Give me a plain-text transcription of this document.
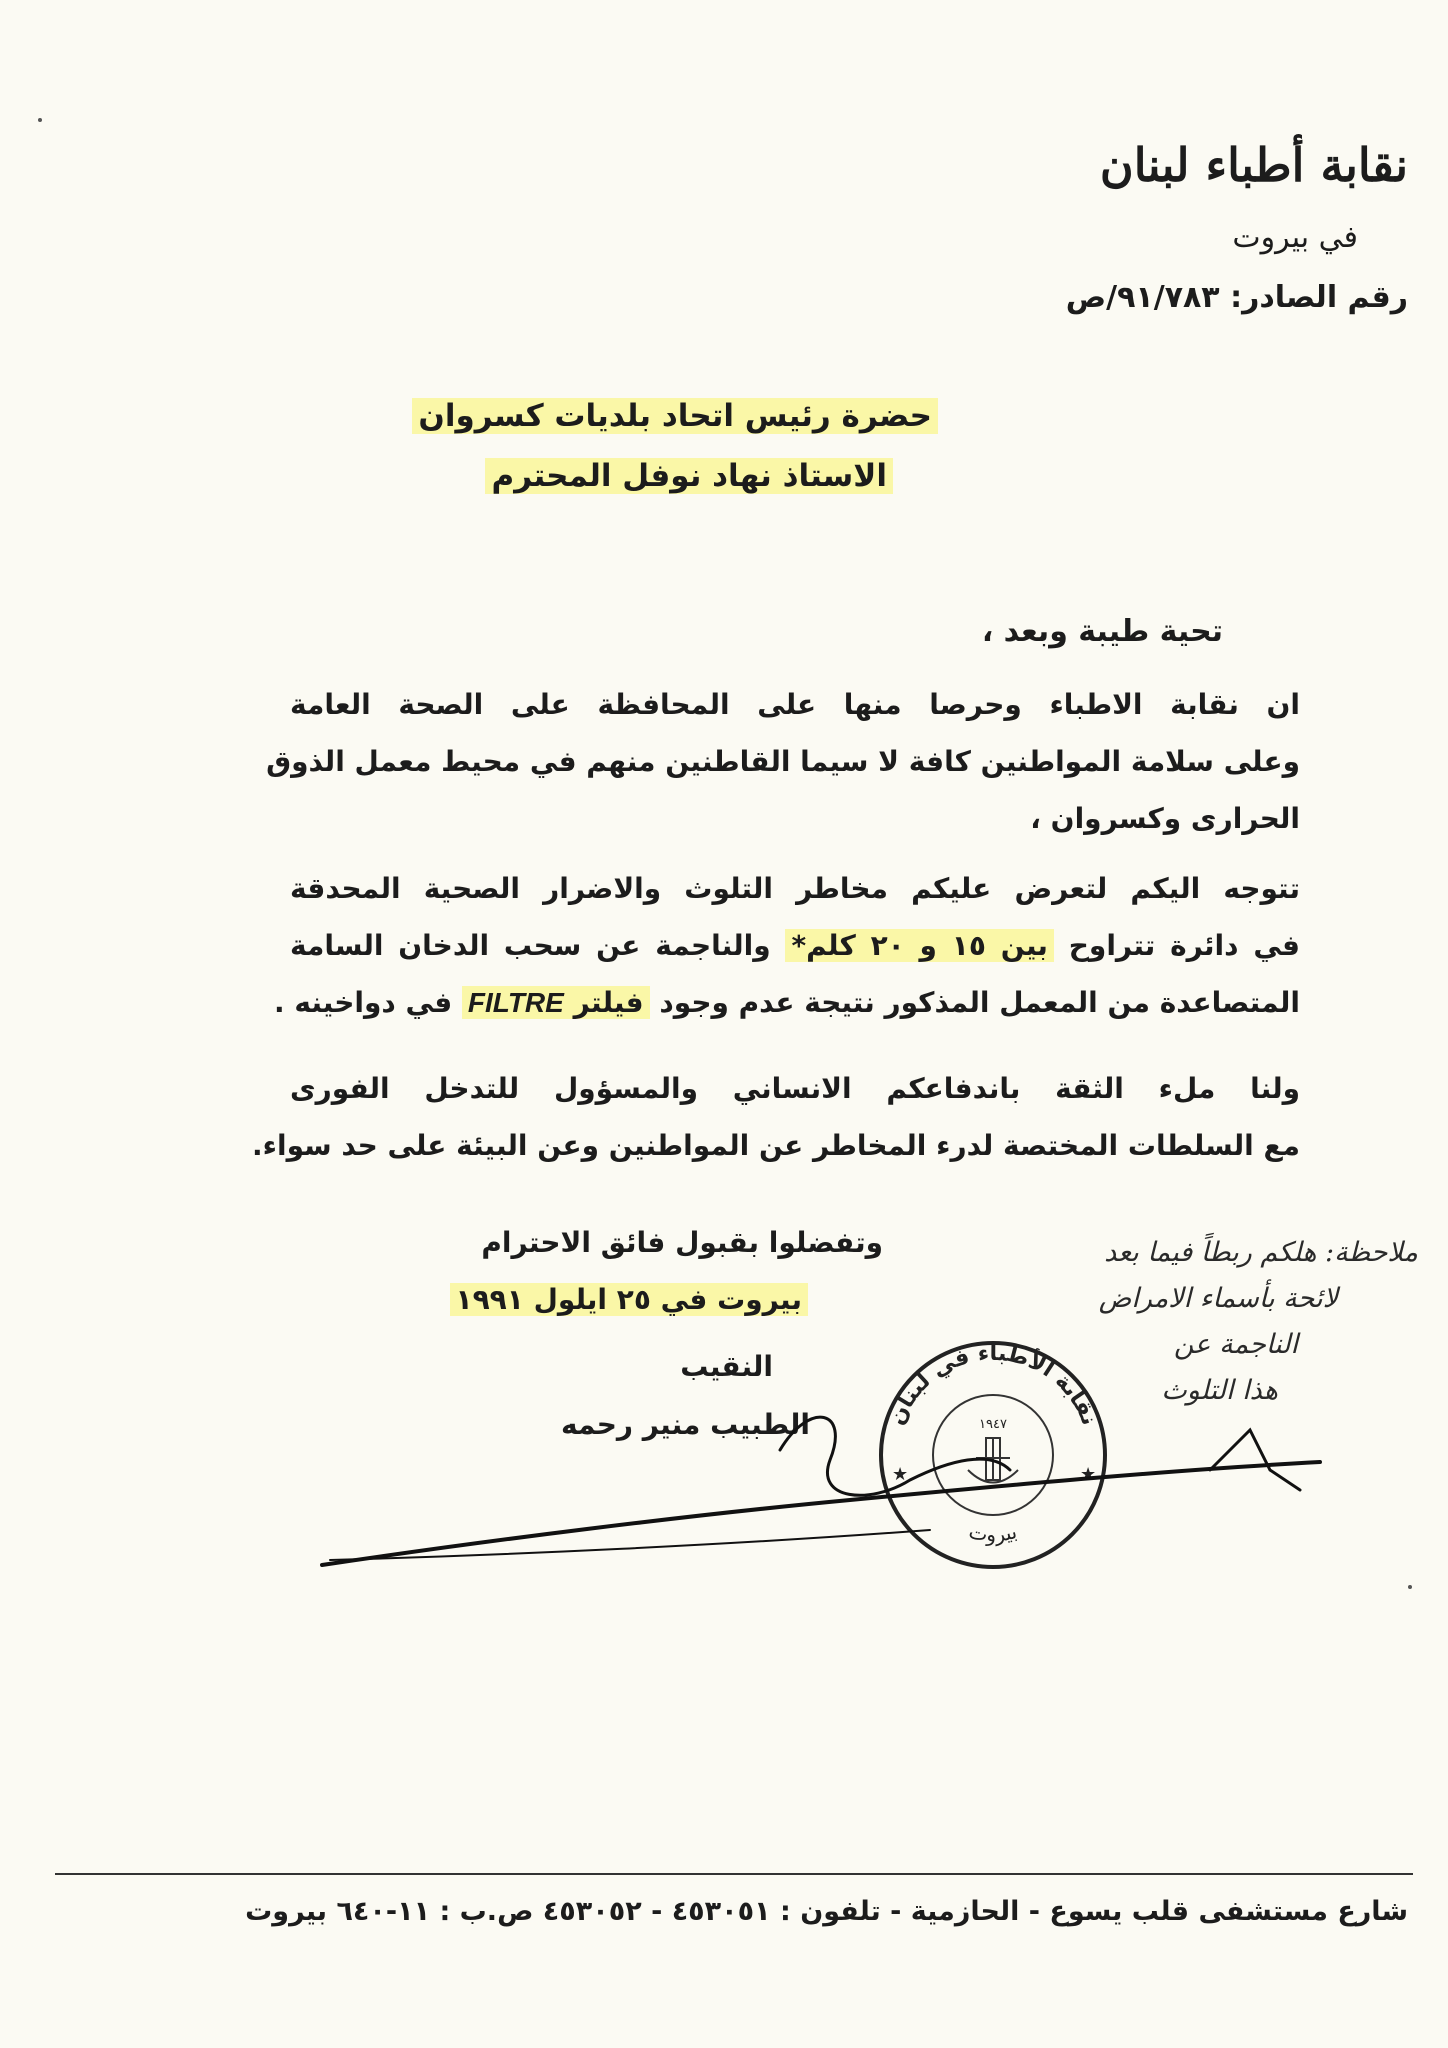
نقابة أطباء لبنان
في بيروت
رقم الصادر: ٩١/٧٨٣/ص
حضرة رئيس اتحاد بلديات كسروان
الاستاذ نهاد نوفل المحترم
تحية طيبة وبعد ،
ان نقابة الاطباء وحرصا منها على المحافظة على الصحة العامة
وعلى سلامة المواطنين كافة لا سيما القاطنين منهم في محيط معمل الذوق
الحرارى وكسروان ،
تتوجه اليكم لتعرض عليكم مخاطر التلوث والاضرار الصحية المحدقة
في دائرة تتراوح بين ١٥ و ٢٠ كلم* والناجمة عن سحب الدخان السامة
المتصاعدة من المعمل المذكور نتيجة عدم وجود فيلتر FILTRE في دواخينه .
ولنا ملء الثقة باندفاعكم الانساني والمسؤول للتدخل الفورى
مع السلطات المختصة لدرء المخاطر عن المواطنين وعن البيئة على حد سواء.
وتفضلوا بقبول فائق الاحترام
بيروت في ٢٥ ايلول ١٩٩١
النقيب
الطبيب منير رحمه
ملاحظة: هلكم ربطاً فيما بعد
لائحة بأسماء الامراض
الناجمة عن
هذا التلوث
نقابة الأطباء في لبنان
بيروت
١٩٤٧
★	★
شارع مستشفى قلب يسوع - الحازمية - تلفون : ٤٥٣٠٥١ - ٤٥٣٠٥٢ ص.ب : ١١-٦٤٠ بيروت
